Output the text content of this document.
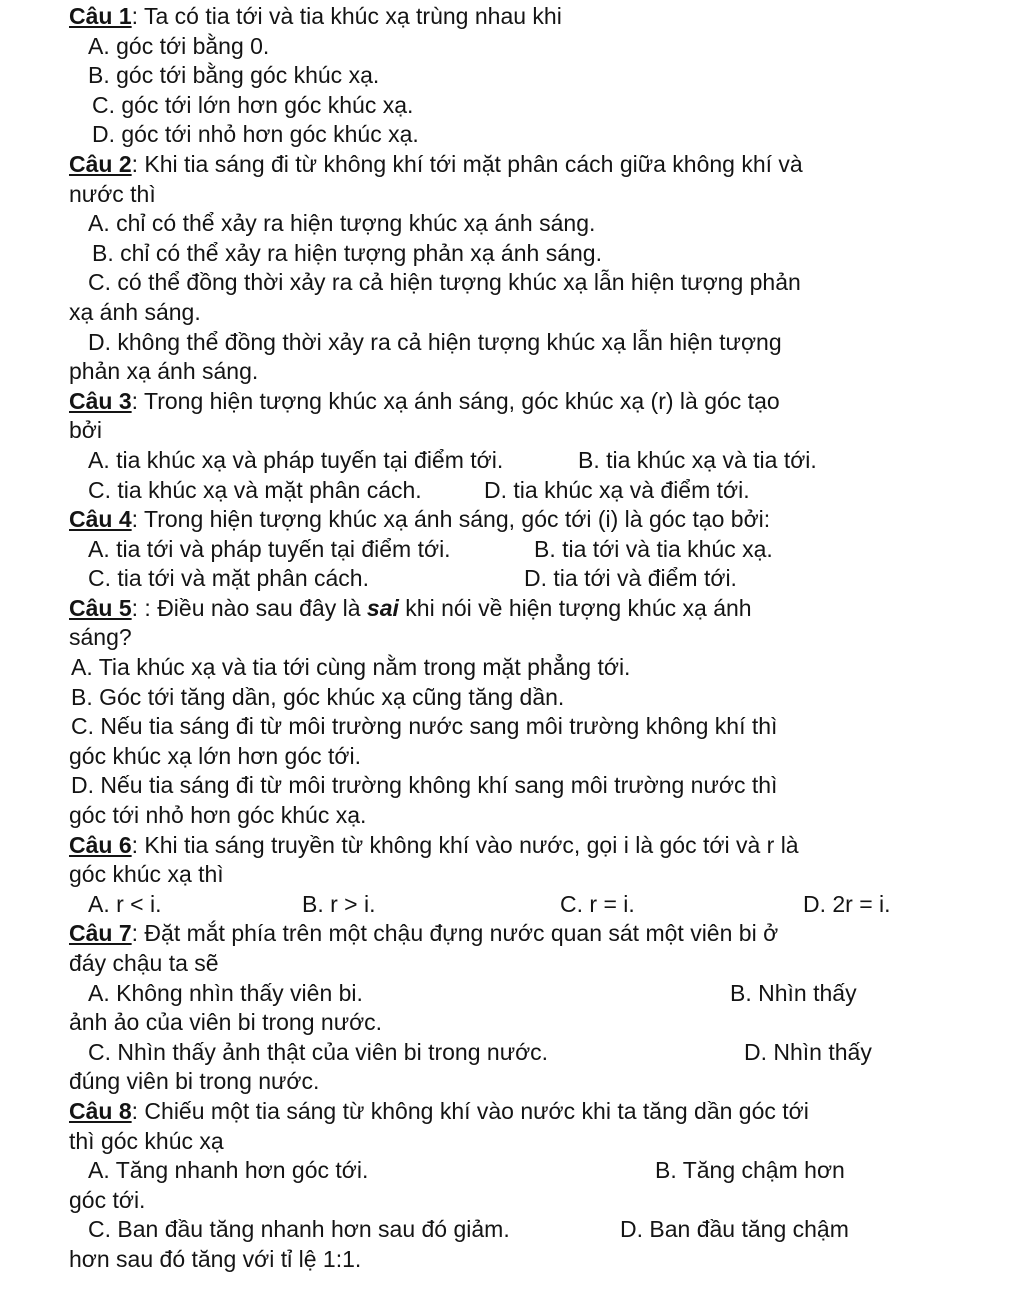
Câu 1: Ta có tia tới và tia khúc xạ trùng nhau khi
A. góc tới bằng 0.
B. góc tới bằng góc khúc xạ.
C. góc tới lớn hơn góc khúc xạ.
D. góc tới nhỏ hơn góc khúc xạ.
Câu 2: Khi tia sáng đi từ không khí tới mặt phân cách giữa không khí và
nước thì
A. chỉ có thể xảy ra hiện tượng khúc xạ ánh sáng.
B. chỉ có thể xảy ra hiện tượng phản xạ ánh sáng.
C. có thể đồng thời xảy ra cả hiện tượng khúc xạ lẫn hiện tượng phản
xạ ánh sáng.
D. không thể đồng thời xảy ra cả hiện tượng khúc xạ lẫn hiện tượng
phản xạ ánh sáng.
Câu 3: Trong hiện tượng khúc xạ ánh sáng, góc khúc xạ (r) là góc tạo
bởi
A. tia khúc xạ và pháp tuyến tại điểm tới.	B. tia khúc xạ và tia tới.
C. tia khúc xạ và mặt phân cách.	D. tia khúc xạ và điểm tới.
Câu 4: Trong hiện tượng khúc xạ ánh sáng, góc tới (i) là góc tạo bởi:
A. tia tới và pháp tuyến tại điểm tới.	B. tia tới và tia khúc xạ.
C. tia tới và mặt phân cách.	D. tia tới và điểm tới.
Câu 5: : Điều nào sau đây là sai khi nói về hiện tượng khúc xạ ánh
sáng?
A. Tia khúc xạ và tia tới cùng nằm trong mặt phẳng tới.
B. Góc tới tăng dần, góc khúc xạ cũng tăng dần.
C. Nếu tia sáng đi từ môi trường nước sang môi trường không khí thì
góc khúc xạ lớn hơn góc tới.
D. Nếu tia sáng đi từ môi trường không khí sang môi trường nước thì
góc tới nhỏ hơn góc khúc xạ.
Câu 6: Khi tia sáng truyền từ không khí vào nước, gọi i là góc tới và r là
góc khúc xạ thì
A. r < i.	B. r > i.	C. r = i.	D. 2r = i.
Câu 7: Đặt mắt phía trên một chậu đựng nước quan sát một viên bi ở
đáy chậu ta sẽ
A. Không nhìn thấy viên bi.	B. Nhìn thấy
ảnh ảo của viên bi trong nước.
C. Nhìn thấy ảnh thật của viên bi trong nước.	D. Nhìn thấy
đúng viên bi trong nước.
Câu 8: Chiếu một tia sáng từ không khí vào nước khi ta tăng dần góc tới
thì góc khúc xạ
A. Tăng nhanh hơn góc tới.	B. Tăng chậm hơn
góc tới.
C. Ban đầu tăng nhanh hơn sau đó giảm.	D. Ban đầu tăng chậm
hơn sau đó tăng với tỉ lệ 1:1.
